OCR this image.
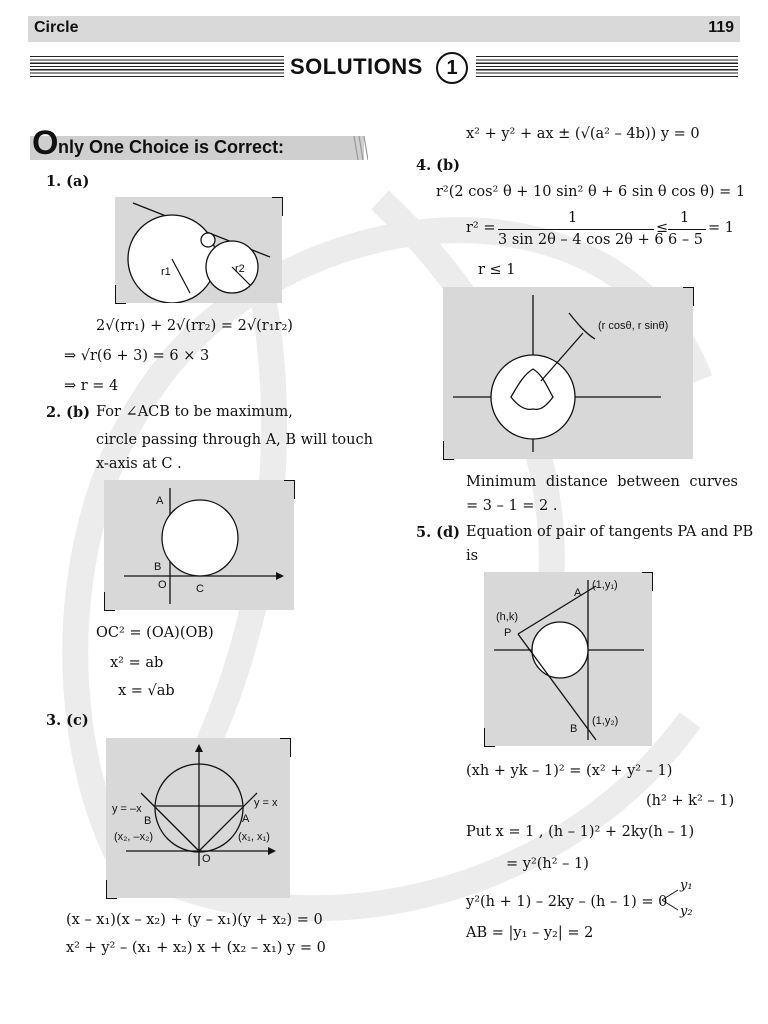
Circle	119
SOLUTIONS	1
O nly One Choice is Correct:
1. (a)
r1	r2
2√(rr₁) + 2√(rr₂) = 2√(r₁r₂)
⇒ √r(6 + 3) = 6 × 3
⇒ r = 4
2. (b) For ∠ACB to be maximum,
circle passing through A, B will touch
x-axis at C .
A
B
O	C
OC² = (OA)(OB)
x² = ab
x = √ab
3. (c)
y = –x	y = x
B	A
(x₂, –x₂)	(x₁, x₁)
O
(x – x₁)(x – x₂) + (y – x₁)(y + x₂) = 0
x² + y² – (x₁ + x₂) x + (x₂ – x₁) y = 0
x² + y² + ax ± (√(a² – 4b)) y = 0
4. (b)
r²(2 cos² θ + 10 sin² θ + 6 sin θ cos θ) = 1
r² =
1
3 sin 2θ – 4 cos 2θ + 6
≤
1
6 – 5
= 1
r ≤ 1
(r cosθ, r sinθ)
Minimum distance between curves
= 3 – 1 = 2 .
5. (d) Equation of pair of tangents PA and PB
is
(1,y₁)
A
(h,k)
P
B
(1,y₂)
(xh + yk – 1)² = (x² + y² – 1)
(h² + k² – 1)
Put x = 1 , (h – 1)² + 2ky(h – 1)
= y²(h² – 1)
y²(h + 1) – 2ky – (h – 1) = 0
y₁
y₂
AB = |y₁ – y₂| = 2
